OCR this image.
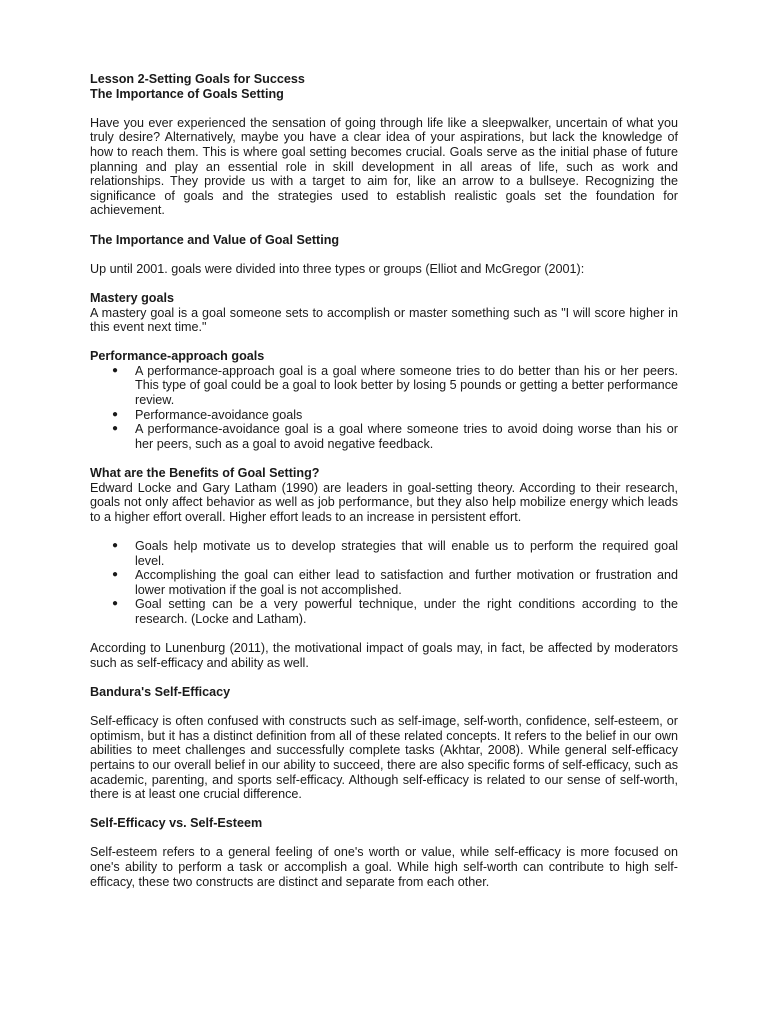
Lesson 2-Setting Goals for Success

The Importance of Goals Setting

Have you ever experienced the sensation of going through life like a sleepwalker, uncertain of what you truly desire? Alternatively, maybe you have a clear idea of your aspirations, but lack the knowledge of how to reach them. This is where goal setting becomes crucial. Goals serve as the initial phase of future planning and play an essential role in skill development in all areas of life, such as work and relationships. They provide us with a target to aim for, like an arrow to a bullseye. Recognizing the significance of goals and the strategies used to establish realistic goals set the foundation for achievement.

The Importance and Value of Goal Setting

Up until 2001. goals were divided into three types or groups (Elliot and McGregor (2001):

Mastery goals

A mastery goal is a goal someone sets to accomplish or master something such as "I will score higher in this event next time."

Performance-approach goals

● A performance-approach goal is a goal where someone tries to do better than his or her peers. This type of goal could be a goal to look better by losing 5 pounds or getting a better performance review.
● Performance-avoidance goals
● A performance-avoidance goal is a goal where someone tries to avoid doing worse than his or her peers, such as a goal to avoid negative feedback.

What are the Benefits of Goal Setting?

Edward Locke and Gary Latham (1990) are leaders in goal-setting theory. According to their research, goals not only affect behavior as well as job performance, but they also help mobilize energy which leads to a higher effort overall. Higher effort leads to an increase in persistent effort.

● Goals help motivate us to develop strategies that will enable us to perform the required goal level.
● Accomplishing the goal can either lead to satisfaction and further motivation or frustration and lower motivation if the goal is not accomplished.
● Goal setting can be a very powerful technique, under the right conditions according to the research. (Locke and Latham).

According to Lunenburg (2011), the motivational impact of goals may, in fact, be affected by moderators such as self-efficacy and ability as well.

Bandura's Self-Efficacy

Self-efficacy is often confused with constructs such as self-image, self-worth, confidence, self-esteem, or optimism, but it has a distinct definition from all of these related concepts. It refers to the belief in our own abilities to meet challenges and successfully complete tasks (Akhtar, 2008). While general self-efficacy pertains to our overall belief in our ability to succeed, there are also specific forms of self-efficacy, such as academic, parenting, and sports self-efficacy. Although self-efficacy is related to our sense of self-worth, there is at least one crucial difference.

Self-Efficacy vs. Self-Esteem

Self-esteem refers to a general feeling of one's worth or value, while self-efficacy is more focused on one's ability to perform a task or accomplish a goal. While high self-worth can contribute to high self-efficacy, these two constructs are distinct and separate from each other.
